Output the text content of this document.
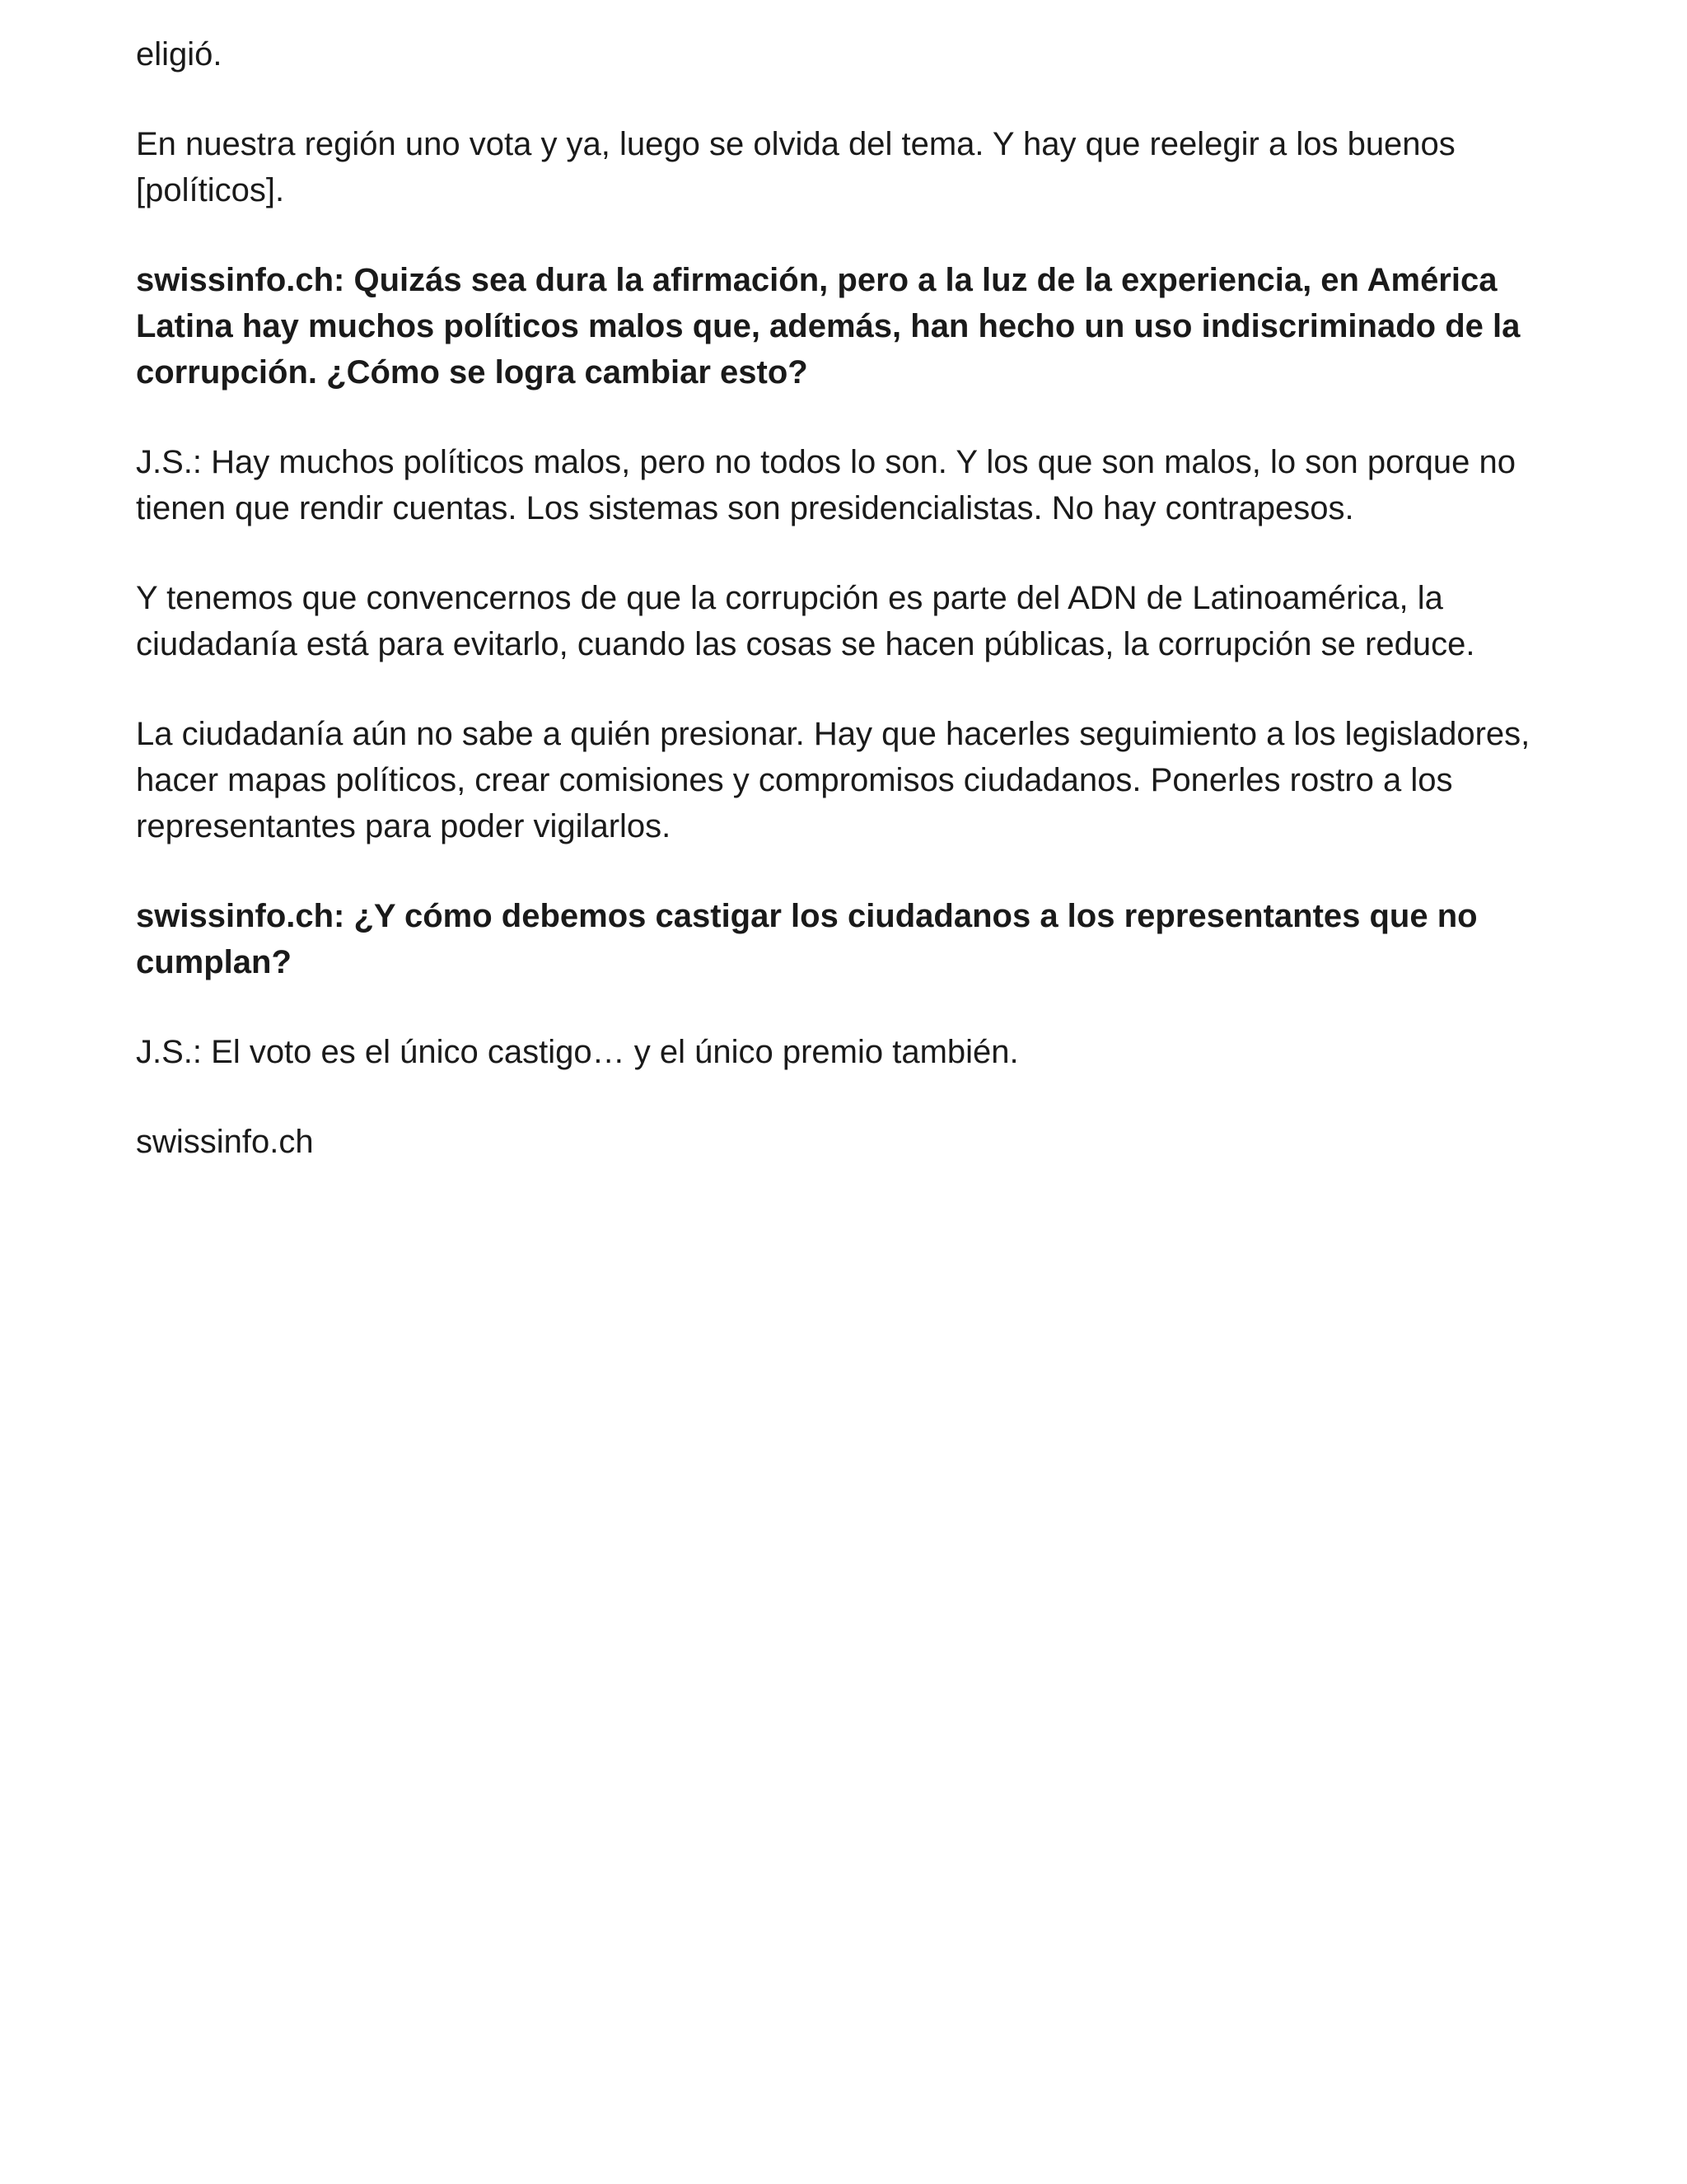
eligió.

En nuestra región uno vota y ya, luego se olvida del tema. Y hay que reelegir a los buenos [políticos].

swissinfo.ch: Quizás sea dura la afirmación, pero a la luz de la experiencia, en América Latina hay muchos políticos malos que, además, han hecho un uso indiscriminado de la corrupción. ¿Cómo se logra cambiar esto?

J.S.: Hay muchos políticos malos, pero no todos lo son. Y los que son malos, lo son porque no tienen que rendir cuentas. Los sistemas son presidencialistas. No hay contrapesos.

Y tenemos que convencernos de que la corrupción es parte del ADN de Latinoamérica, la ciudadanía está para evitarlo, cuando las cosas se hacen públicas, la corrupción se reduce.

La ciudadanía aún no sabe a quién presionar. Hay que hacerles seguimiento a los legisladores, hacer mapas políticos, crear comisiones y compromisos ciudadanos. Ponerles rostro a los representantes para poder vigilarlos.

swissinfo.ch: ¿Y cómo debemos castigar los ciudadanos a los representantes que no cumplan?

J.S.: El voto es el único castigo… y el único premio también.

swissinfo.ch
